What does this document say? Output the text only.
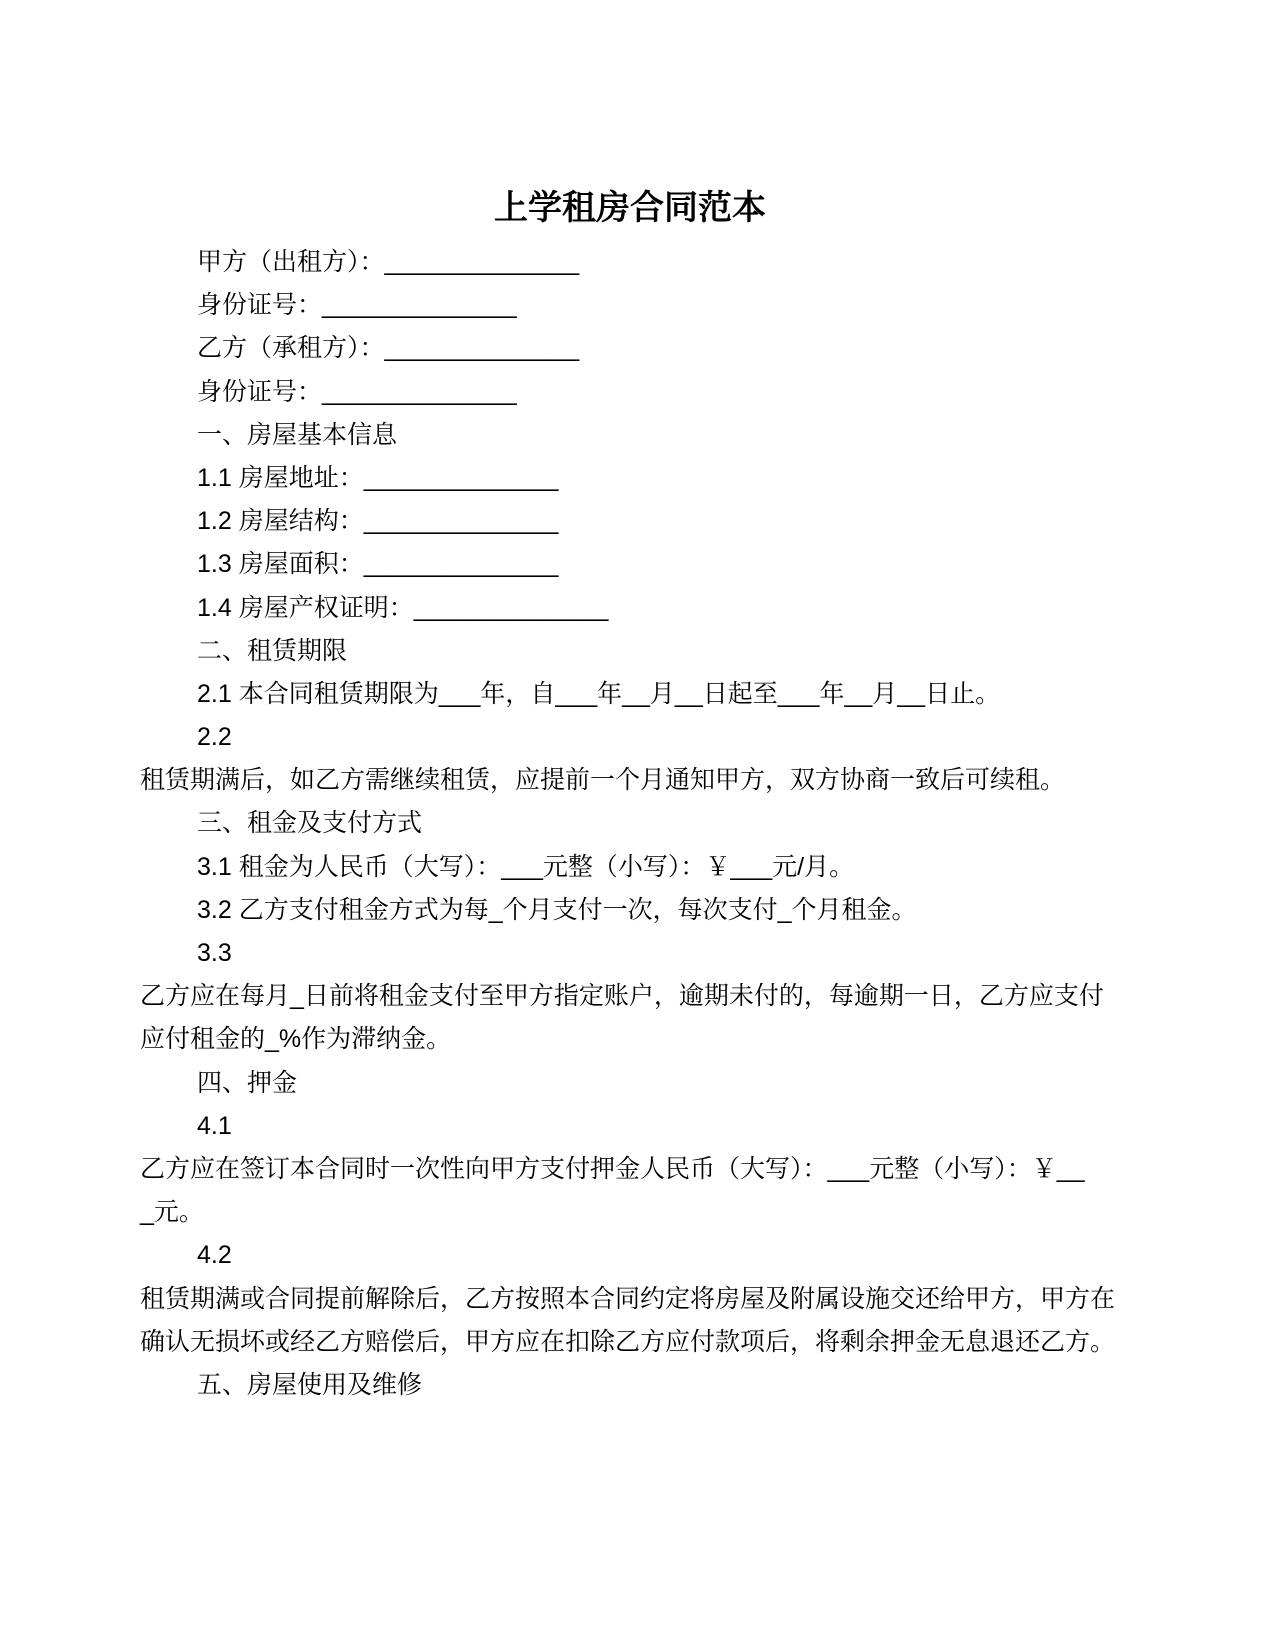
上学租房合同范本
甲方（出租方）：______________
身份证号：______________
乙方（承租方）：______________
身份证号：______________
一、房屋基本信息
1.1 房屋地址：______________
1.2 房屋结构：______________
1.3 房屋面积：______________
1.4 房屋产权证明：______________
二、租赁期限
2.1 本合同租赁期限为___年，自___年__月__日起至___年__月__日止。
2.2
租赁期满后，如乙方需继续租赁，应提前一个月通知甲方，双方协商一致后可续租。
三、租金及支付方式
3.1 租金为人民币（大写）：___元整（小写）：￥___元/月。
3.2 乙方支付租金方式为每_个月支付一次，每次支付_个月租金。
3.3
乙方应在每月_日前将租金支付至甲方指定账户，逾期未付的，每逾期一日，乙方应支付
应付租金的_%作为滞纳金。
四、押金
4.1
乙方应在签订本合同时一次性向甲方支付押金人民币（大写）：___元整（小写）：￥__
_元。
4.2
租赁期满或合同提前解除后，乙方按照本合同约定将房屋及附属设施交还给甲方，甲方在
确认无损坏或经乙方赔偿后，甲方应在扣除乙方应付款项后，将剩余押金无息退还乙方。
五、房屋使用及维修
